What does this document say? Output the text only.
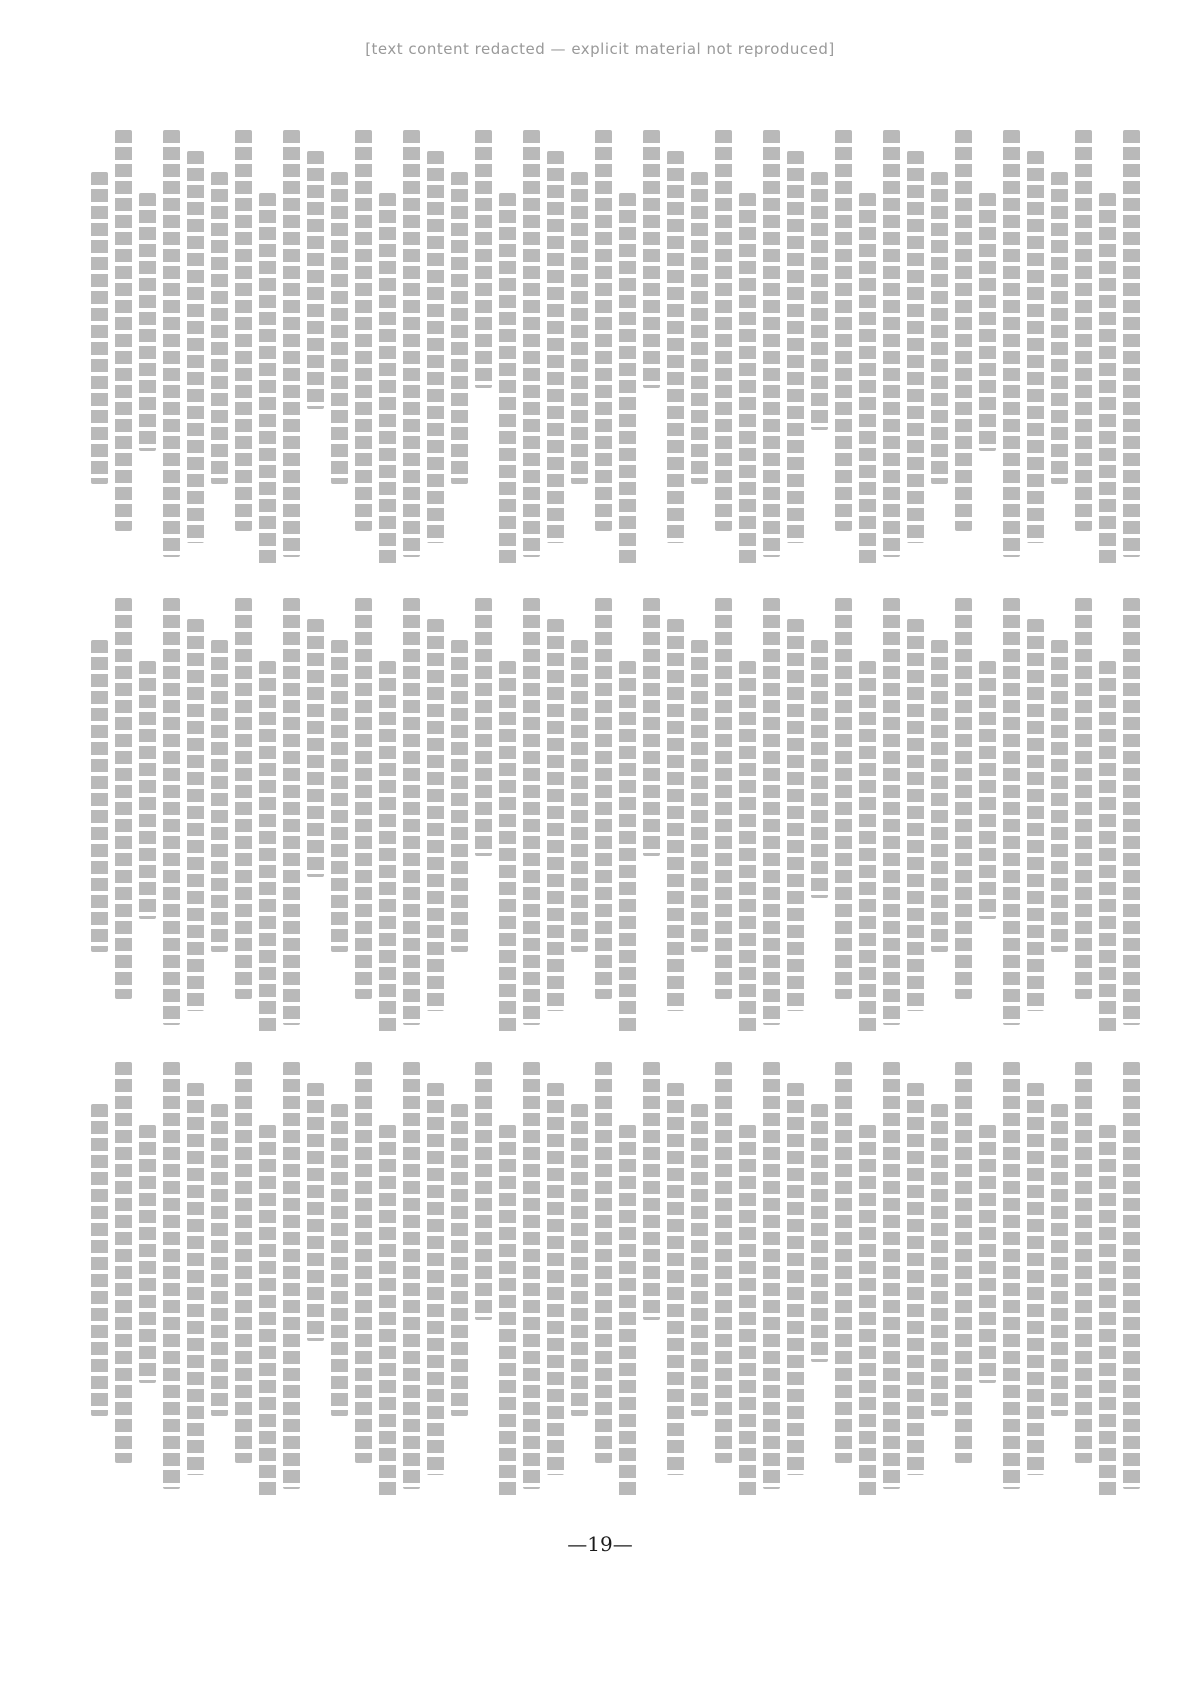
[text content redacted — explicit material not reproduced]
—19—
